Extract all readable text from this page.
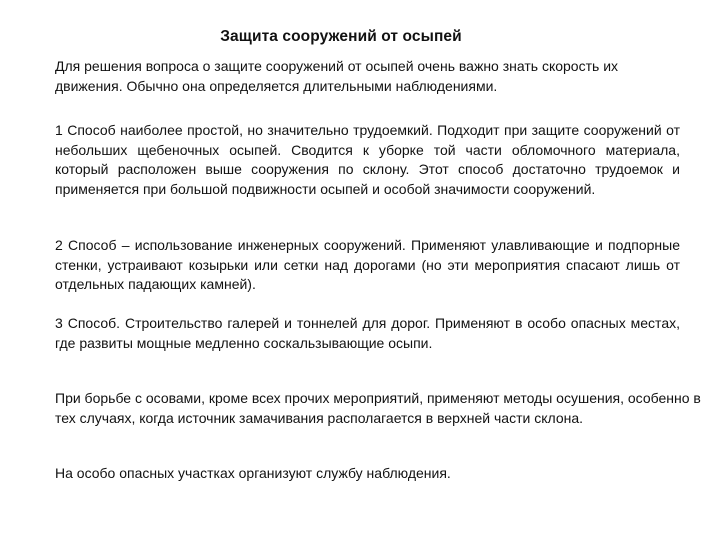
Защита сооружений от осыпей
Для решения вопроса о защите сооружений от осыпей очень важно знать скорость их движения. Обычно она определяется длительными наблюдениями.
1 Способ наиболее простой, но значительно трудоемкий. Подходит при защите сооружений от небольших щебеночных осыпей. Сводится к уборке той части обломочного материала, который расположен выше сооружения по склону. Этот способ достаточно трудоемок и применяется при большой подвижности осыпей и особой значимости сооружений.
2 Способ – использование инженерных сооружений. Применяют улавливающие и подпорные стенки, устраивают козырьки или сетки над дорогами (но эти мероприятия спасают лишь от отдельных падающих камней).
3 Способ. Строительство галерей и тоннелей для дорог. Применяют в особо опасных местах, где развиты мощные медленно соскальзывающие осыпи.
При борьбе с осовами, кроме всех прочих мероприятий, применяют методы осушения, особенно в тех случаях, когда источник замачивания располагается в верхней части склона.
На особо опасных участках организуют службу наблюдения.
